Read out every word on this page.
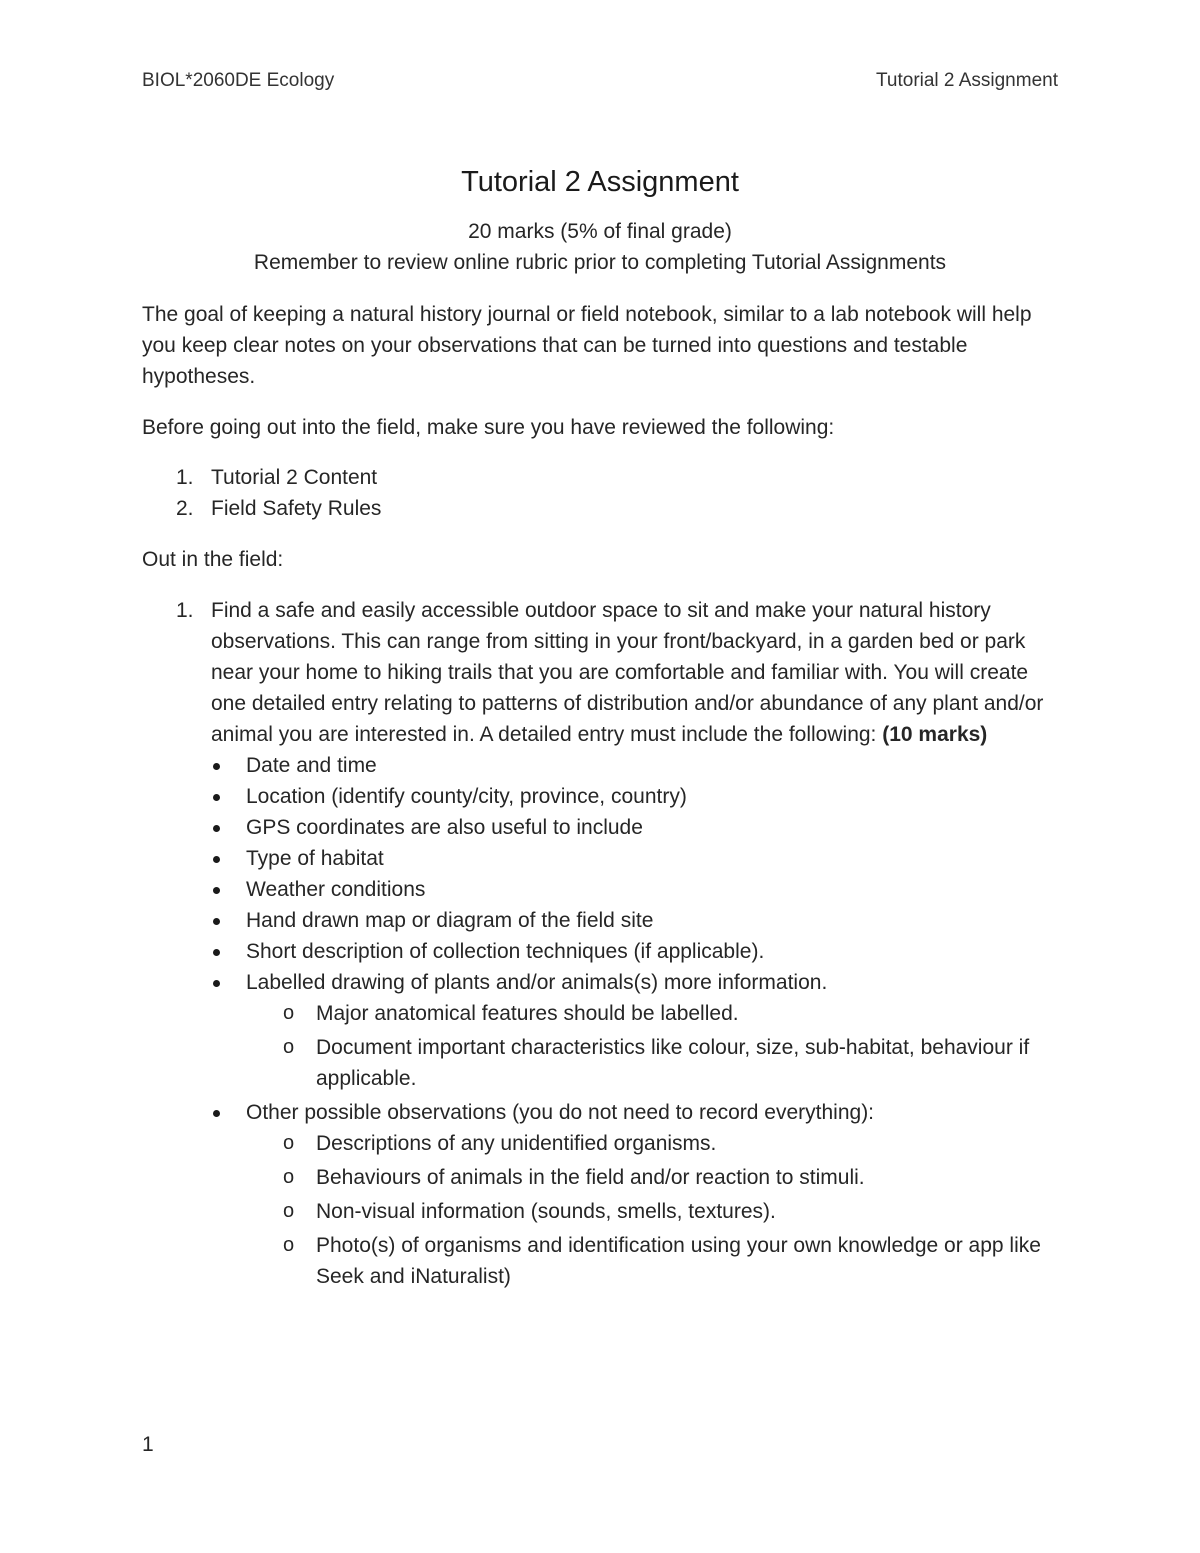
BIOL*2060DE Ecology	Tutorial 2 Assignment
Tutorial 2 Assignment
20 marks (5% of final grade)
Remember to review online rubric prior to completing Tutorial Assignments
The goal of keeping a natural history journal or field notebook, similar to a lab notebook will help you keep clear notes on your observations that can be turned into questions and testable hypotheses.
Before going out into the field, make sure you have reviewed the following:
1. Tutorial 2 Content
2. Field Safety Rules
Out in the field:
1. Find a safe and easily accessible outdoor space to sit and make your natural history observations. This can range from sitting in your front/backyard, in a garden bed or park near your home to hiking trails that you are comfortable and familiar with. You will create one detailed entry relating to patterns of distribution and/or abundance of any plant and/or animal you are interested in. A detailed entry must include the following: (10 marks)
Date and time
Location (identify county/city, province, country)
GPS coordinates are also useful to include
Type of habitat
Weather conditions
Hand drawn map or diagram of the field site
Short description of collection techniques (if applicable).
Labelled drawing of plants and/or animals(s) more information.
o Major anatomical features should be labelled.
o Document important characteristics like colour, size, sub-habitat, behaviour if applicable.
Other possible observations (you do not need to record everything):
o Descriptions of any unidentified organisms.
o Behaviours of animals in the field and/or reaction to stimuli.
o Non-visual information (sounds, smells, textures).
o Photo(s) of organisms and identification using your own knowledge or app like Seek and iNaturalist)
1
